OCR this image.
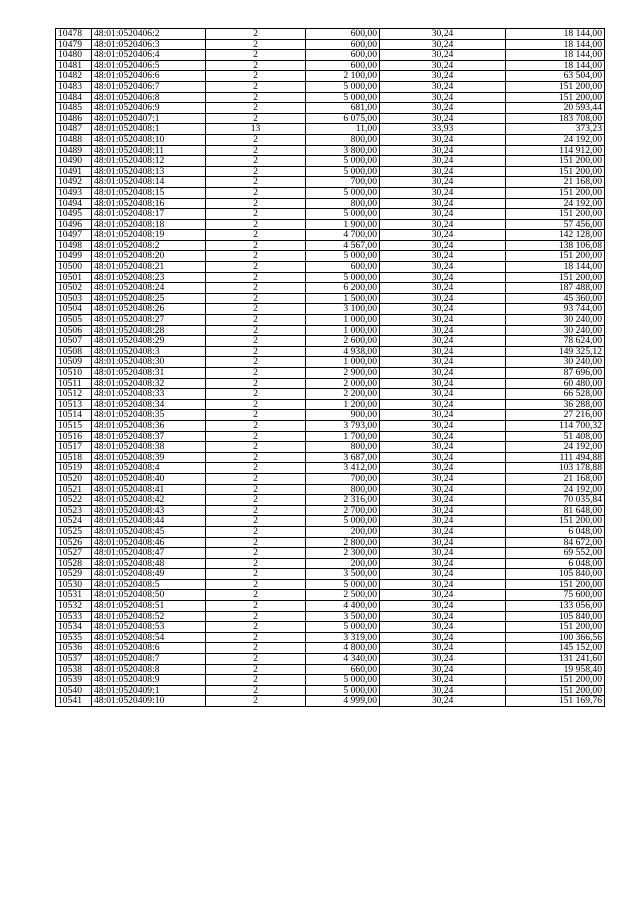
10478	48:01:0520406:2	2	600,00	30,24	18 144,00
10479	48:01:0520406:3	2	600,00	30,24	18 144,00
10480	48:01:0520406:4	2	600,00	30,24	18 144,00
10481	48:01:0520406:5	2	600,00	30,24	18 144,00
10482	48:01:0520406:6	2	2 100,00	30,24	63 504,00
10483	48:01:0520406:7	2	5 000,00	30,24	151 200,00
10484	48:01:0520406:8	2	5 000,00	30,24	151 200,00
10485	48:01:0520406:9	2	681,00	30,24	20 593,44
10486	48:01:0520407:1	2	6 075,00	30,24	183 708,00
10487	48:01:0520408:1	13	11,00	33,93	373,23
10488	48:01:0520408:10	2	800,00	30,24	24 192,00
10489	48:01:0520408:11	2	3 800,00	30,24	114 912,00
10490	48:01:0520408:12	2	5 000,00	30,24	151 200,00
10491	48:01:0520408:13	2	5 000,00	30,24	151 200,00
10492	48:01:0520408:14	2	700,00	30,24	21 168,00
10493	48:01:0520408:15	2	5 000,00	30,24	151 200,00
10494	48:01:0520408:16	2	800,00	30,24	24 192,00
10495	48:01:0520408:17	2	5 000,00	30,24	151 200,00
10496	48:01:0520408:18	2	1 900,00	30,24	57 456,00
10497	48:01:0520408:19	2	4 700,00	30,24	142 128,00
10498	48:01:0520408:2	2	4 567,00	30,24	138 106,08
10499	48:01:0520408:20	2	5 000,00	30,24	151 200,00
10500	48:01:0520408:21	2	600,00	30,24	18 144,00
10501	48:01:0520408:23	2	5 000,00	30,24	151 200,00
10502	48:01:0520408:24	2	6 200,00	30,24	187 488,00
10503	48:01:0520408:25	2	1 500,00	30,24	45 360,00
10504	48:01:0520408:26	2	3 100,00	30,24	93 744,00
10505	48:01:0520408:27	2	1 000,00	30,24	30 240,00
10506	48:01:0520408:28	2	1 000,00	30,24	30 240,00
10507	48:01:0520408:29	2	2 600,00	30,24	78 624,00
10508	48:01:0520408:3	2	4 938,00	30,24	149 325,12
10509	48:01:0520408:30	2	1 000,00	30,24	30 240,00
10510	48:01:0520408:31	2	2 900,00	30,24	87 696,00
10511	48:01:0520408:32	2	2 000,00	30,24	60 480,00
10512	48:01:0520408:33	2	2 200,00	30,24	66 528,00
10513	48:01:0520408:34	2	1 200,00	30,24	36 288,00
10514	48:01:0520408:35	2	900,00	30,24	27 216,00
10515	48:01:0520408:36	2	3 793,00	30,24	114 700,32
10516	48:01:0520408:37	2	1 700,00	30,24	51 408,00
10517	48:01:0520408:38	2	800,00	30,24	24 192,00
10518	48:01:0520408:39	2	3 687,00	30,24	111 494,88
10519	48:01:0520408:4	2	3 412,00	30,24	103 178,88
10520	48:01:0520408:40	2	700,00	30,24	21 168,00
10521	48:01:0520408:41	2	800,00	30,24	24 192,00
10522	48:01:0520408:42	2	2 316,00	30,24	70 035,84
10523	48:01:0520408:43	2	2 700,00	30,24	81 648,00
10524	48:01:0520408:44	2	5 000,00	30,24	151 200,00
10525	48:01:0520408:45	2	200,00	30,24	6 048,00
10526	48:01:0520408:46	2	2 800,00	30,24	84 672,00
10527	48:01:0520408:47	2	2 300,00	30,24	69 552,00
10528	48:01:0520408:48	2	200,00	30,24	6 048,00
10529	48:01:0520408:49	2	3 500,00	30,24	105 840,00
10530	48:01:0520408:5	2	5 000,00	30,24	151 200,00
10531	48:01:0520408:50	2	2 500,00	30,24	75 600,00
10532	48:01:0520408:51	2	4 400,00	30,24	133 056,00
10533	48:01:0520408:52	2	3 500,00	30,24	105 840,00
10534	48:01:0520408:53	2	5 000,00	30,24	151 200,00
10535	48:01:0520408:54	2	3 319,00	30,24	100 366,56
10536	48:01:0520408:6	2	4 800,00	30,24	145 152,00
10537	48:01:0520408:7	2	4 340,00	30,24	131 241,60
10538	48:01:0520408:8	2	660,00	30,24	19 958,40
10539	48:01:0520408:9	2	5 000,00	30,24	151 200,00
10540	48:01:0520409:1	2	5 000,00	30,24	151 200,00
10541	48:01:0520409:10	2	4 999,00	30,24	151 169,76
